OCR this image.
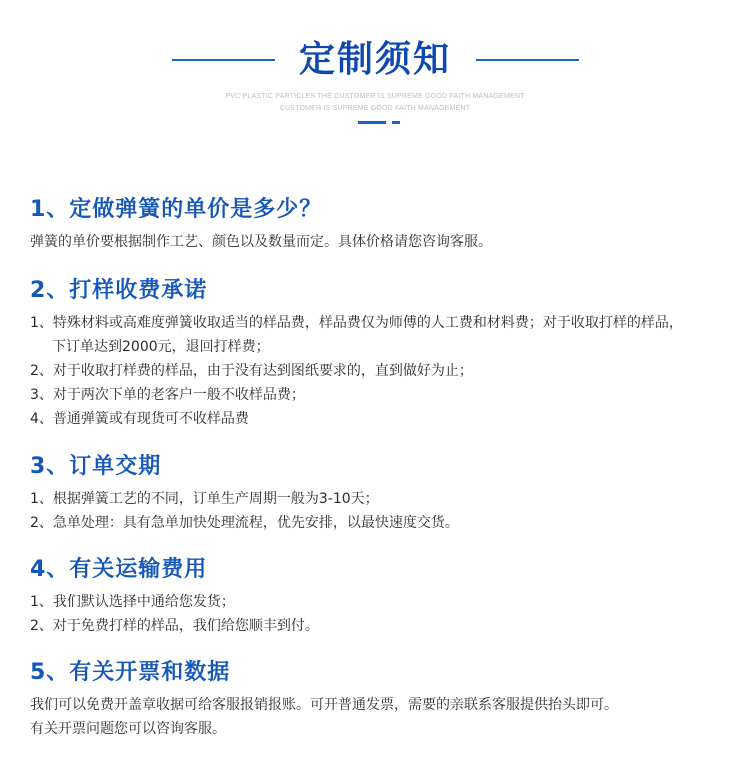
定制须知
PVC PLASTIC PARTICLES THE CUSTOMER IS SUPREME GOOD FAITH MANAGEMENT
CUSTOMER IS SUPREME GOOD FAITH MANAGEMENT
1、定做弹簧的单价是多少？
弹簧的单价要根据制作工艺、颜色以及数量而定。具体价格请您咨询客服。
2、打样收费承诺
1、特殊材料或高难度弹簧收取适当的样品费，样品费仅为师傅的人工费和材料费；对于收取打样的样品，
下订单达到2000元，退回打样费；
2、对于收取打样费的样品，由于没有达到图纸要求的，直到做好为止；
3、对于两次下单的老客户一般不收样品费；
4、普通弹簧或有现货可不收样品费
3、订单交期
1、根据弹簧工艺的不同，订单生产周期一般为3-10天；
2、急单处理：具有急单加快处理流程，优先安排，以最快速度交货。
4、有关运输费用
1、我们默认选择中通给您发货；
2、对于免费打样的样品，我们给您顺丰到付。
5、有关开票和数据
我们可以免费开盖章收据可给客服报销报账。可开普通发票，需要的亲联系客服提供抬头即可。
有关开票问题您可以咨询客服。
